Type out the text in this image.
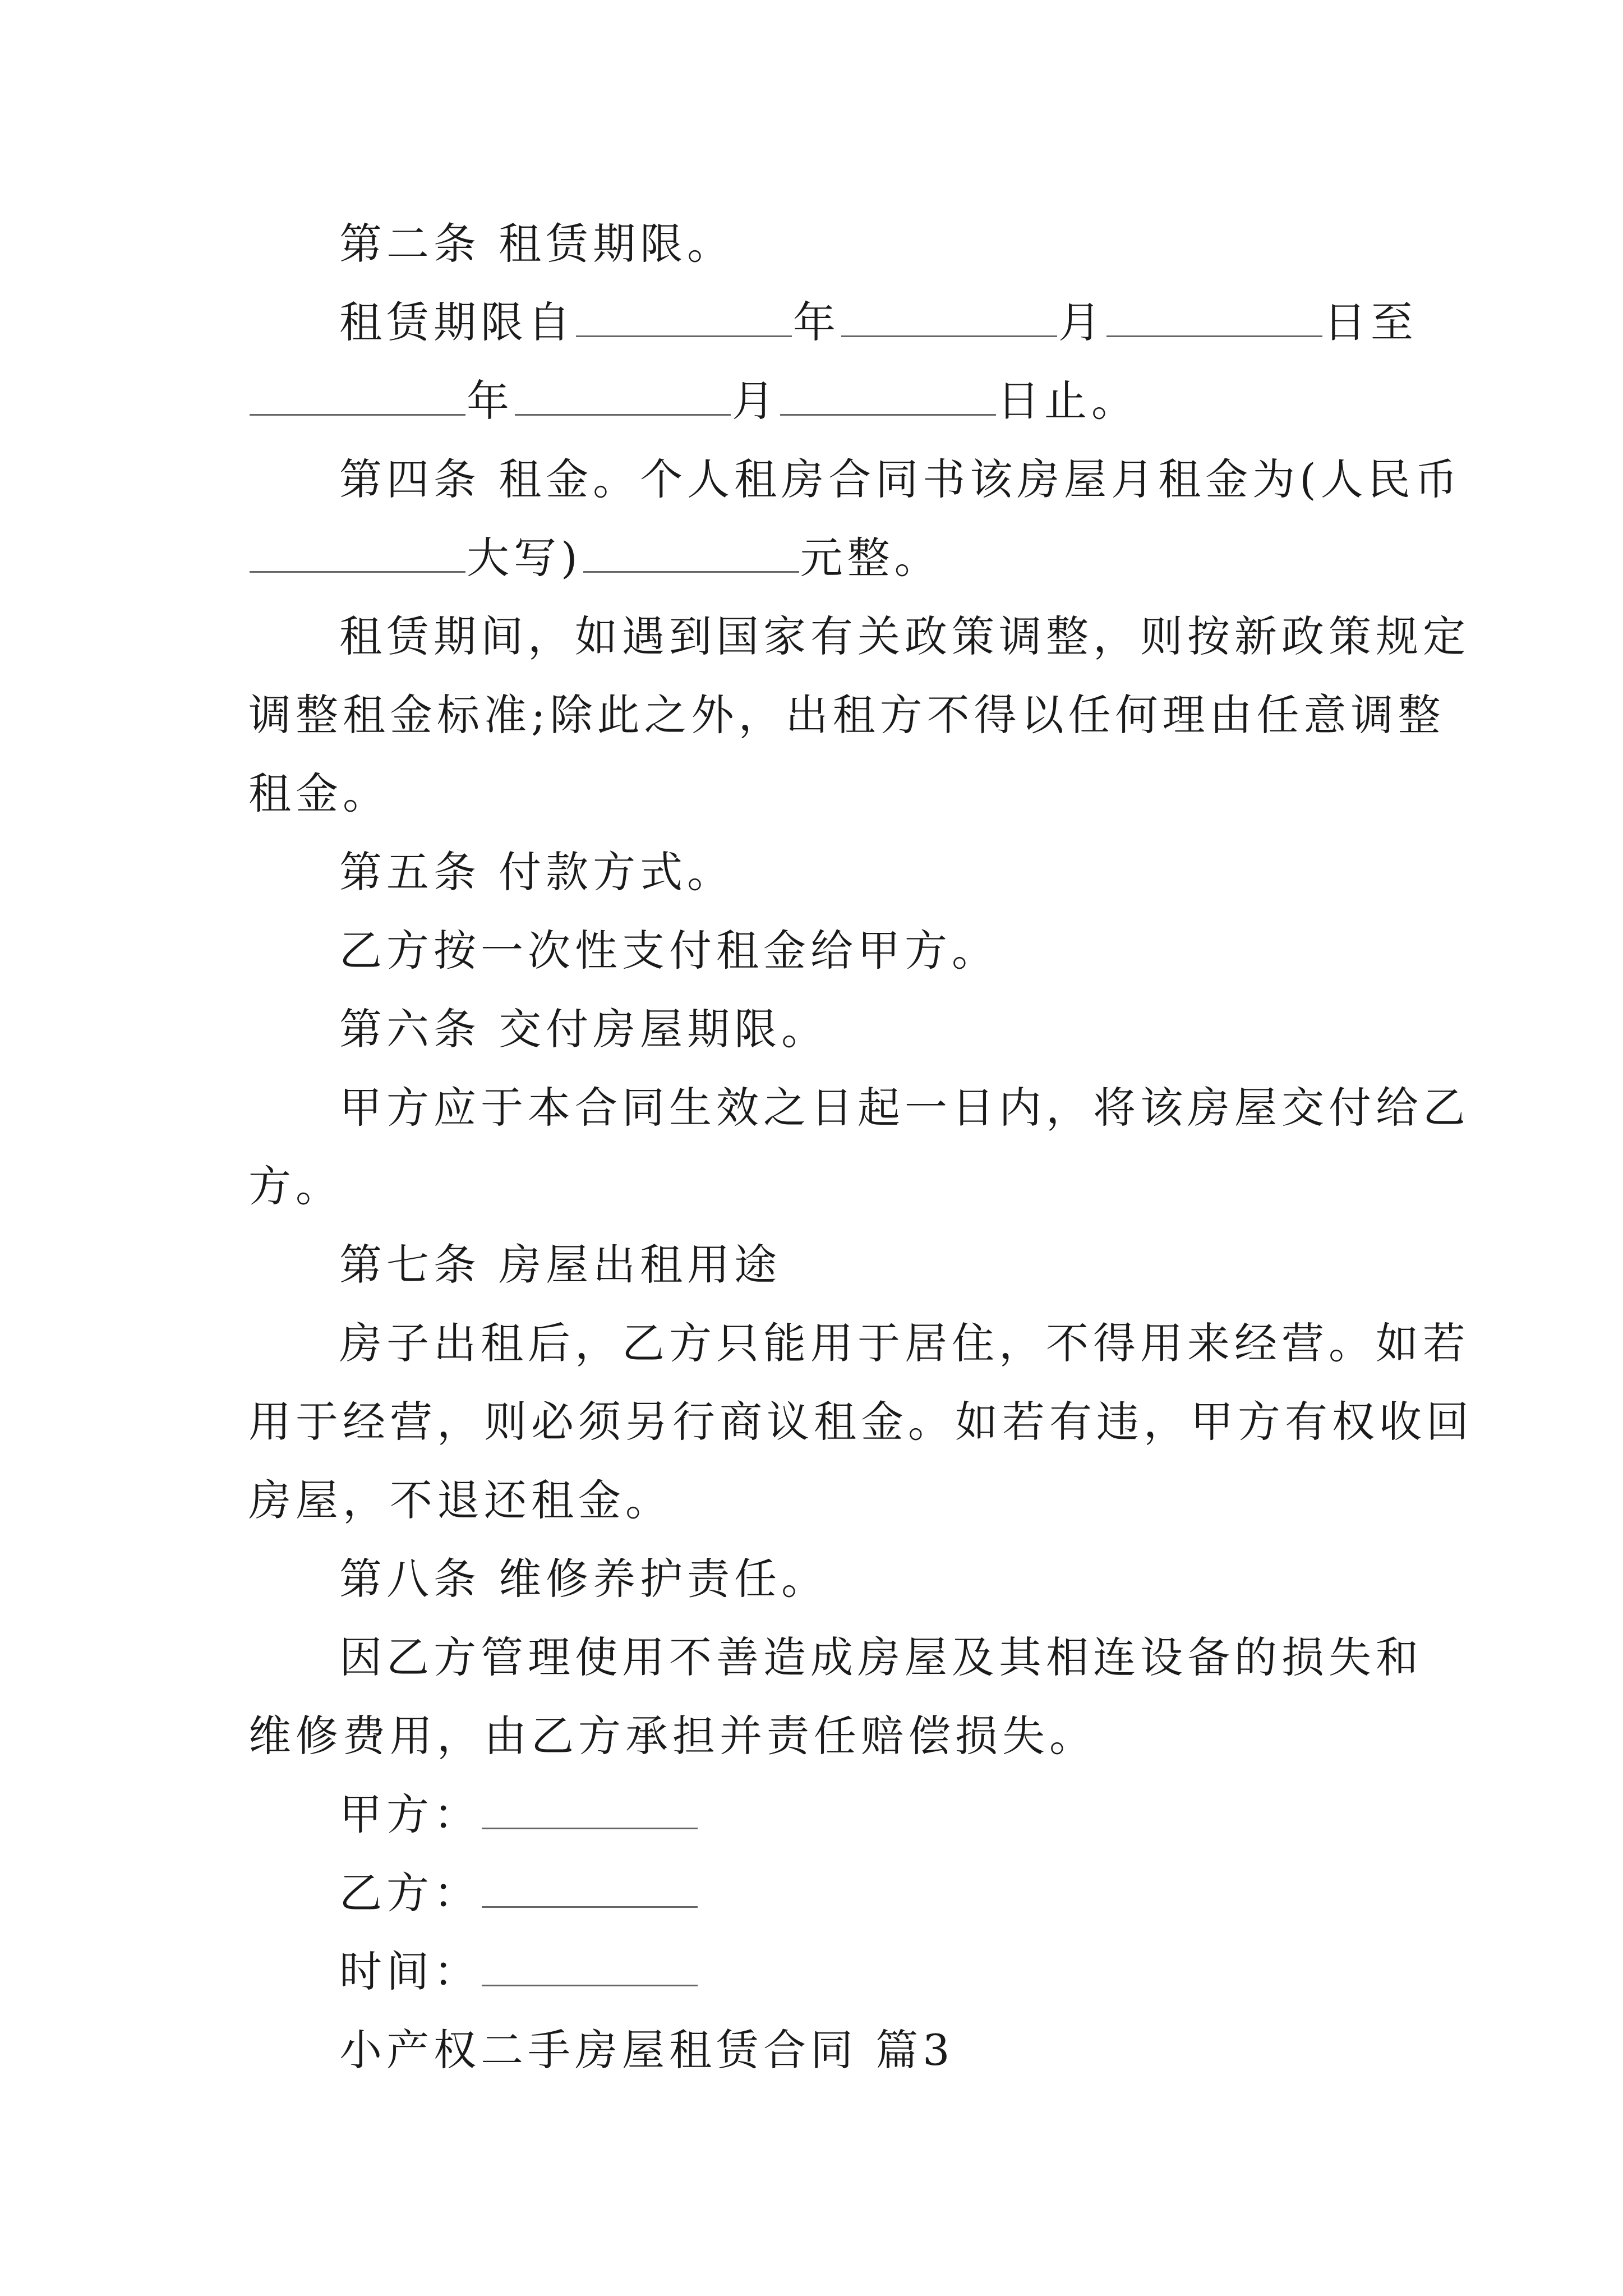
第二条 租赁期限。
租赁期限自	年	月	日至
年	月	日止。
第四条 租金。个人租房合同书该房屋月租金为(人民币
大写)	元整。
租赁期间，如遇到国家有关政策调整，则按新政策规定
调整租金标准;除此之外，出租方不得以任何理由任意调整
租金。
第五条 付款方式。
乙方按一次性支付租金给甲方。
第六条 交付房屋期限。
甲方应于本合同生效之日起一日内，将该房屋交付给乙
方。
第七条 房屋出租用途
房子出租后，乙方只能用于居住，不得用来经营。如若
用于经营，则必须另行商议租金。如若有违，甲方有权收回
房屋，不退还租金。
第八条 维修养护责任。
因乙方管理使用不善造成房屋及其相连设备的损失和
维修费用，由乙方承担并责任赔偿损失。
甲方：
乙方：
时间：
小产权二手房屋租赁合同 篇3
